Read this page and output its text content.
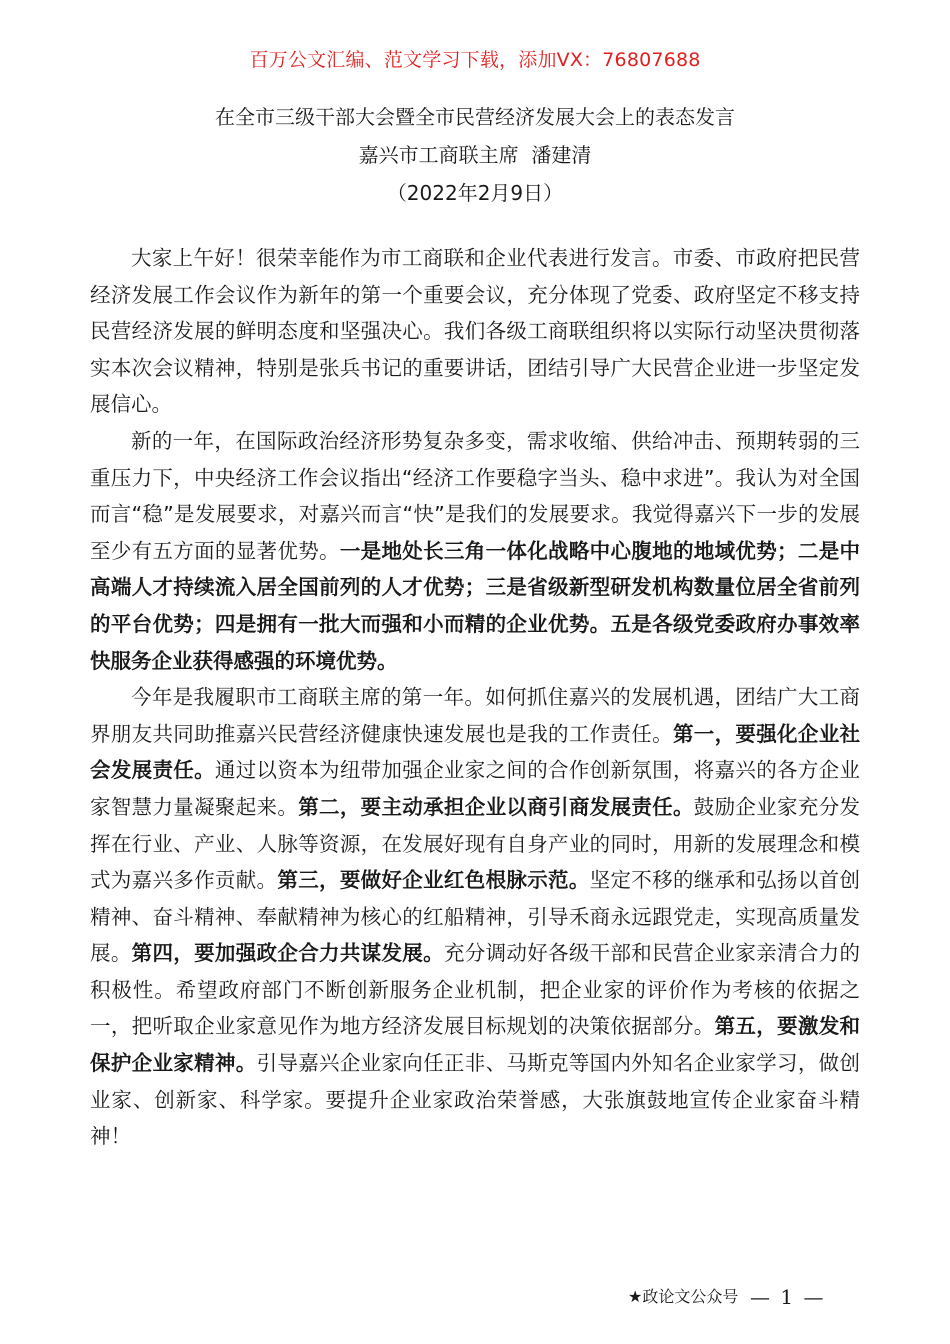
百万公文汇编、范文学习下载，添加VX：76807688
在全市三级干部大会暨全市民营经济发展大会上的表态发言
嘉兴市工商联主席  潘建清
（2022年2月9日）

大家上午好！很荣幸能作为市工商联和企业代表进行发言。市委、市政府把民营经济发展工作会议作为新年的第一个重要会议，充分体现了党委、政府坚定不移支持民营经济发展的鲜明态度和坚强决心。我们各级工商联组织将以实际行动坚决贯彻落实本次会议精神，特别是张兵书记的重要讲话，团结引导广大民营企业进一步坚定发展信心。

新的一年，在国际政治经济形势复杂多变，需求收缩、供给冲击、预期转弱的三重压力下，中央经济工作会议指出“经济工作要稳字当头、稳中求进”。我认为对全国而言“稳”是发展要求，对嘉兴而言“快”是我们的发展要求。我觉得嘉兴下一步的发展至少有五方面的显著优势。一是地处长三角一体化战略中心腹地的地域优势；二是中高端人才持续流入居全国前列的人才优势；三是省级新型研发机构数量位居全省前列的平台优势；四是拥有一批大而强和小而精的企业优势。五是各级党委政府办事效率快服务企业获得感强的环境优势。

今年是我履职市工商联主席的第一年。如何抓住嘉兴的发展机遇，团结广大工商界朋友共同助推嘉兴民营经济健康快速发展也是我的工作责任。第一，要强化企业社会发展责任。通过以资本为纽带加强企业家之间的合作创新氛围，将嘉兴的各方企业家智慧力量凝聚起来。第二，要主动承担企业以商引商发展责任。鼓励企业家充分发挥在行业、产业、人脉等资源，在发展好现有自身产业的同时，用新的发展理念和模式为嘉兴多作贡献。第三，要做好企业红色根脉示范。坚定不移的继承和弘扬以首创精神、奋斗精神、奉献精神为核心的红船精神，引导禾商永远跟党走，实现高质量发展。第四，要加强政企合力共谋发展。充分调动好各级干部和民营企业家亲清合力的积极性。希望政府部门不断创新服务企业机制，把企业家的评价作为考核的依据之一，把听取企业家意见作为地方经济发展目标规划的决策依据部分。第五，要激发和保护企业家精神。引导嘉兴企业家向任正非、马斯克等国内外知名企业家学习，做创业家、创新家、科学家。要提升企业家政治荣誉感，大张旗鼓地宣传企业家奋斗精神！

★政论文公众号 — 1 —
